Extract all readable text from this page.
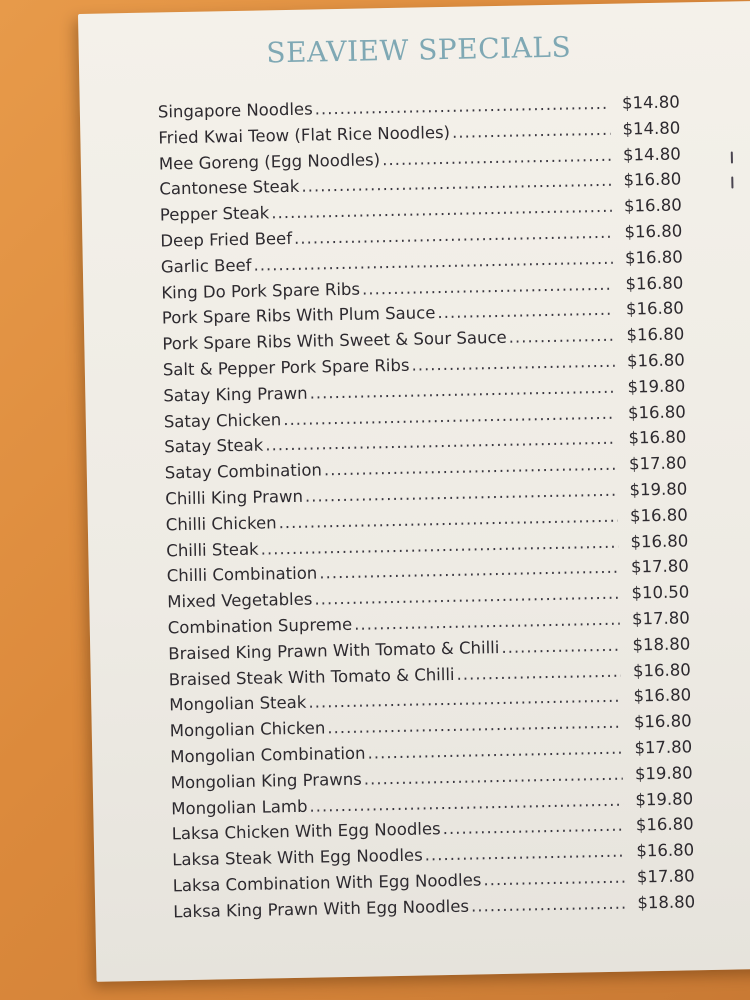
SEAVIEW SPECIALS
Singapore Noodles .....	$14.80
Fried Kwai Teow (Flat Rice Noodles) .....	$14.80
Mee Goreng (Egg Noodles) .....	$14.80
Cantonese Steak .....	$16.80
Pepper Steak .....	$16.80
Deep Fried Beef .....	$16.80
Garlic Beef .....	$16.80
King Do Pork Spare Ribs .....	$16.80
Pork Spare Ribs With Plum Sauce .....	$16.80
Pork Spare Ribs With Sweet & Sour Sauce .....	$16.80
Salt & Pepper Pork Spare Ribs .....	$16.80
Satay King Prawn .....	$19.80
Satay Chicken .....	$16.80
Satay Steak .....	$16.80
Satay Combination .....	$17.80
Chilli King Prawn .....	$19.80
Chilli Chicken .....	$16.80
Chilli Steak .....	$16.80
Chilli Combination .....	$17.80
Mixed Vegetables .....	$10.50
Combination Supreme .....	$17.80
Braised King Prawn With Tomato & Chilli .....	$18.80
Braised Steak With Tomato & Chilli .....	$16.80
Mongolian Steak .....	$16.80
Mongolian Chicken .....	$16.80
Mongolian Combination .....	$17.80
Mongolian King Prawns .....	$19.80
Mongolian Lamb .....	$19.80
Laksa Chicken With Egg Noodles .....	$16.80
Laksa Steak With Egg Noodles .....	$16.80
Laksa Combination With Egg Noodles .....	$17.80
Laksa King Prawn With Egg Noodles .....	$18.80
